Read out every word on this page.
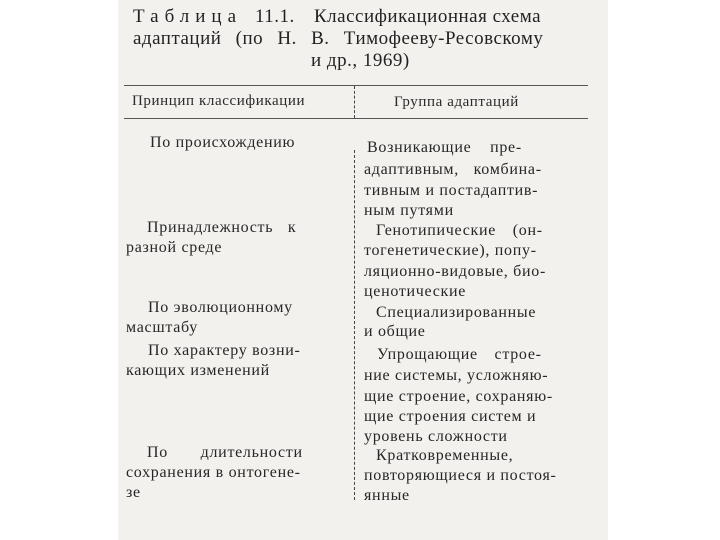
Таблица 11.1. Классификационная схема
адаптаций (по Н. В. Тимофееву-Ресовскому
и др., 1969)
Принцип классификации	Группа адаптаций
По происхождению	Возникающие пре-
адаптивным, комбина-
тивным и постадаптив-
ным путями
Принадлежность к
разной среде
Генотипические (он-
тогенетические), попу-
ляционно-видовые, био-
ценотические
По эволюционному
масштабу
Специализированные
и общие
По характеру возни-
кающих изменений
Упрощающие строе-
ние системы, усложняю-
щие строение, сохраняю-
щие строения систем и
уровень сложности
По длительности
сохранения в онтогене-
зе
Кратковременные,
повторяющиеся и постоя-
янные
